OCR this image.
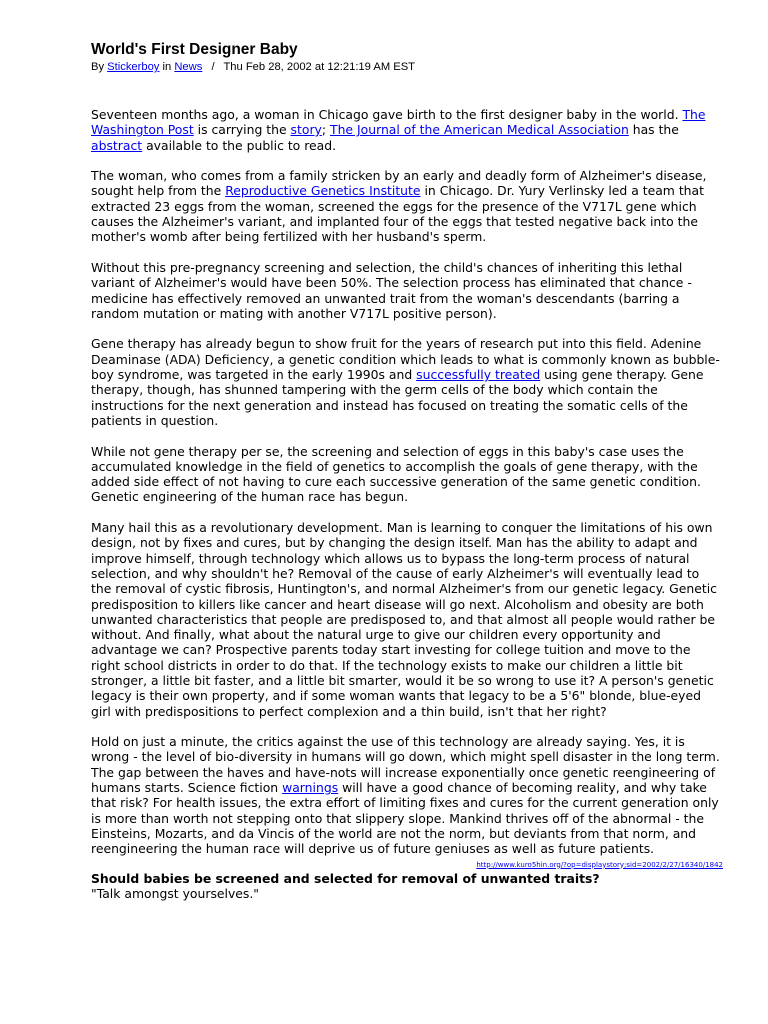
World's First Designer Baby
By Stickerboy in News / Thu Feb 28, 2002 at 12:21:19 AM EST

Seventeen months ago, a woman in Chicago gave birth to the first designer baby in the world. The Washington Post is carrying the story; The Journal of the American Medical Association has the abstract available to the public to read.

The woman, who comes from a family stricken by an early and deadly form of Alzheimer's disease, sought help from the Reproductive Genetics Institute in Chicago. Dr. Yury Verlinsky led a team that extracted 23 eggs from the woman, screened the eggs for the presence of the V717L gene which causes the Alzheimer's variant, and implanted four of the eggs that tested negative back into the mother's womb after being fertilized with her husband's sperm.

Without this pre-pregnancy screening and selection, the child's chances of inheriting this lethal variant of Alzheimer's would have been 50%. The selection process has eliminated that chance - medicine has effectively removed an unwanted trait from the woman's descendants (barring a random mutation or mating with another V717L positive person).

Gene therapy has already begun to show fruit for the years of research put into this field. Adenine Deaminase (ADA) Deficiency, a genetic condition which leads to what is commonly known as bubble-boy syndrome, was targeted in the early 1990s and successfully treated using gene therapy. Gene therapy, though, has shunned tampering with the germ cells of the body which contain the instructions for the next generation and instead has focused on treating the somatic cells of the patients in question.

While not gene therapy per se, the screening and selection of eggs in this baby's case uses the accumulated knowledge in the field of genetics to accomplish the goals of gene therapy, with the added side effect of not having to cure each successive generation of the same genetic condition. Genetic engineering of the human race has begun.

Many hail this as a revolutionary development. Man is learning to conquer the limitations of his own design, not by fixes and cures, but by changing the design itself. Man has the ability to adapt and improve himself, through technology which allows us to bypass the long-term process of natural selection, and why shouldn't he? Removal of the cause of early Alzheimer's will eventually lead to the removal of cystic fibrosis, Huntington's, and normal Alzheimer's from our genetic legacy. Genetic predisposition to killers like cancer and heart disease will go next. Alcoholism and obesity are both unwanted characteristics that people are predisposed to, and that almost all people would rather be without. And finally, what about the natural urge to give our children every opportunity and advantage we can? Prospective parents today start investing for college tuition and move to the right school districts in order to do that. If the technology exists to make our children a little bit stronger, a little bit faster, and a little bit smarter, would it be so wrong to use it? A person's genetic legacy is their own property, and if some woman wants that legacy to be a 5'6" blonde, blue-eyed girl with predispositions to perfect complexion and a thin build, isn't that her right?

Hold on just a minute, the critics against the use of this technology are already saying. Yes, it is wrong - the level of bio-diversity in humans will go down, which might spell disaster in the long term. The gap between the haves and have-nots will increase exponentially once genetic reengineering of humans starts. Science fiction warnings will have a good chance of becoming reality, and why take that risk? For health issues, the extra effort of limiting fixes and cures for the current generation only is more than worth not stepping onto that slippery slope. Mankind thrives off of the abnormal - the Einsteins, Mozarts, and da Vincis of the world are not the norm, but deviants from that norm, and reengineering the human race will deprive us of future geniuses as well as future patients.

http://www.kuro5hin.org/?op=displaystory;sid=2002/2/27/16340/1842
Should babies be screened and selected for removal of unwanted traits?
"Talk amongst yourselves."
